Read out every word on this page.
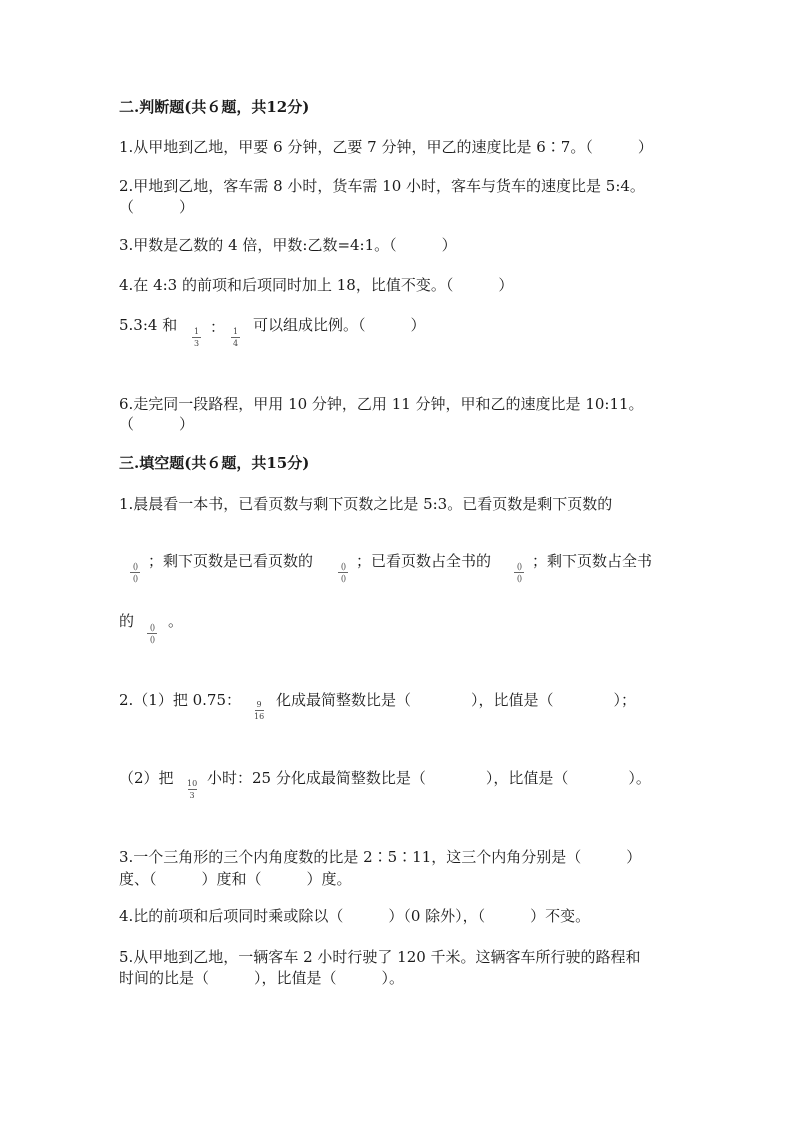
二.判断题(共６题，共12分)
1.从甲地到乙地，甲要 6 分钟，乙要 7 分钟，甲乙的速度比是 6∶7。（　　　）
2.甲地到乙地，客车需 8 小时，货车需 10 小时，客车与货车的速度比是 5:4。
（　　　）
3.甲数是乙数的 4 倍，甲数:乙数=4:1。（　　　）
4.在 4:3 的前项和后项同时加上 18，比值不变。（　　　）
5.3:4 和 1
3
： 1
4
可以组成比例。（　　　）
6.走完同一段路程，甲用 10 分钟，乙用 11 分钟，甲和乙的速度比是 10:11。
（　　　）
三.填空题(共６题，共15分)
1.晨晨看一本书，已看页数与剩下页数之比是 5:3。已看页数是剩下页数的
()
()
；剩下页数是已看页数的	()
()
；已看页数占全书的	()
()
；剩下页数占全书
的 ()
()
。
2.（1）把 0.75： 9
16
化成最简整数比是（　　　　），比值是（　　　　）；
（2）把 10
3
小时：25 分化成最简整数比是（　　　　），比值是（　　　　）。
3.一个三角形的三个内角度数的比是 2∶5∶11，这三个内角分别是（　　　）
度、（　　　）度和（　　　）度。
4.比的前项和后项同时乘或除以（　　　）（0 除外），（　　　）不变。
5.从甲地到乙地，一辆客车 2 小时行驶了 120 千米。这辆客车所行驶的路程和
时间的比是（　　　），比值是（　　　）。
